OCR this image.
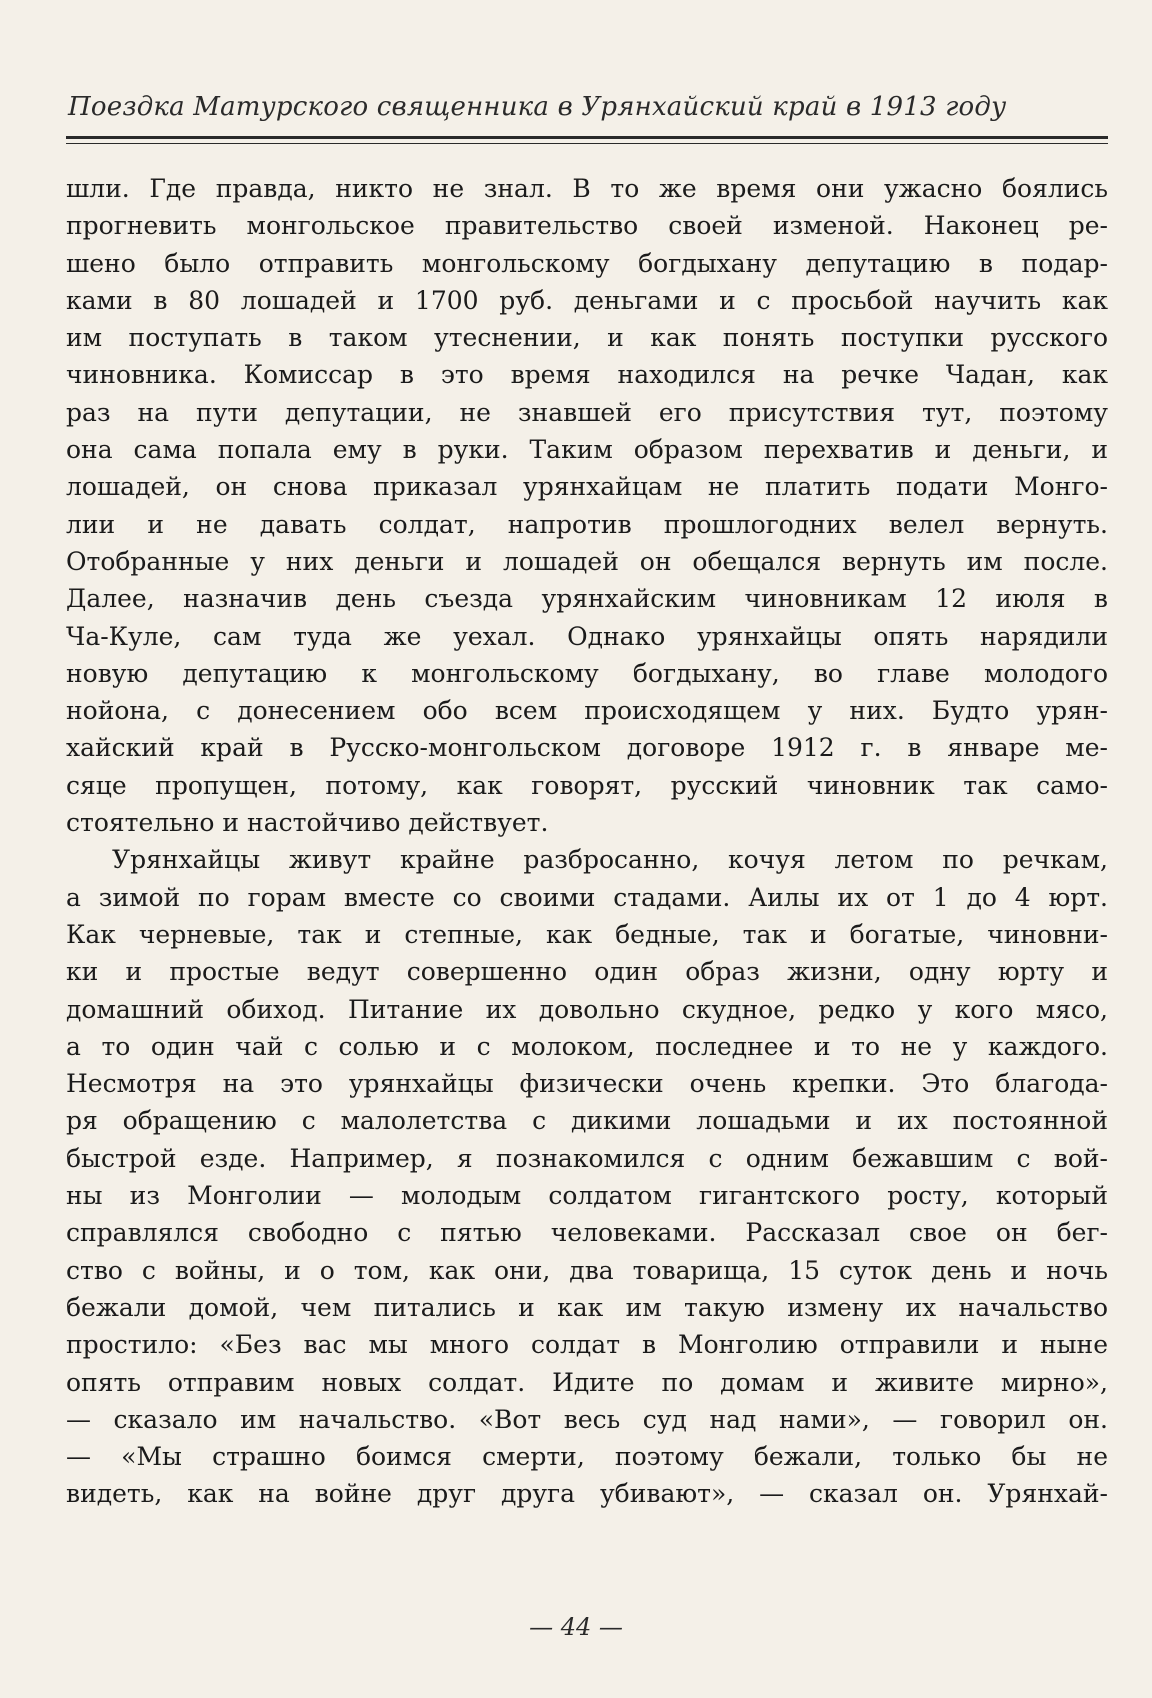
Поездка Матурского священника в Урянхайский край в 1913 году
шли. Где правда, никто не знал. В то же время они ужасно боялись
прогневить монгольское правительство своей изменой. Наконец ре-
шено было отправить монгольскому богдыхану депутацию в подар-
ками в 80 лошадей и 1700 руб. деньгами и с просьбой научить как
им поступать в таком утеснении, и как понять поступки русского
чиновника. Комиссар в это время находился на речке Чадан, как
раз на пути депутации, не знавшей его присутствия тут, поэтому
она сама попала ему в руки. Таким образом перехватив и деньги, и
лошадей, он снова приказал урянхайцам не платить подати Монго-
лии и не давать солдат, напротив прошлогодних велел вернуть.
Отобранные у них деньги и лошадей он обещался вернуть им после.
Далее, назначив день съезда урянхайским чиновникам 12 июля в
Ча-Куле, сам туда же уехал. Однако урянхайцы опять нарядили
новую депутацию к монгольскому богдыхану, во главе молодого
нойона, с донесением обо всем происходящем у них. Будто урян-
хайский край в Русско-монгольском договоре 1912 г. в январе ме-
сяце пропущен, потому, как говорят, русский чиновник так само-
стоятельно и настойчиво действует.
Урянхайцы живут крайне разбросанно, кочуя летом по речкам,
а зимой по горам вместе со своими стадами. Аилы их от 1 до 4 юрт.
Как черневые, так и степные, как бедные, так и богатые, чиновни-
ки и простые ведут совершенно один образ жизни, одну юрту и
домашний обиход. Питание их довольно скудное, редко у кого мясо,
а то один чай с солью и с молоком, последнее и то не у каждого.
Несмотря на это урянхайцы физически очень крепки. Это благода-
ря обращению с малолетства с дикими лошадьми и их постоянной
быстрой езде. Например, я познакомился с одним бежавшим с вой-
ны из Монголии — молодым солдатом гигантского росту, который
справлялся свободно с пятью человеками. Рассказал свое он бег-
ство с войны, и о том, как они, два товарища, 15 суток день и ночь
бежали домой, чем питались и как им такую измену их начальство
простило: «Без вас мы много солдат в Монголию отправили и ныне
опять отправим новых солдат. Идите по домам и живите мирно»,
— сказало им начальство. «Вот весь суд над нами», — говорил он.
— «Мы страшно боимся смерти, поэтому бежали, только бы не
видеть, как на войне друг друга убивают», — сказал он. Урянхай-
— 44 —
